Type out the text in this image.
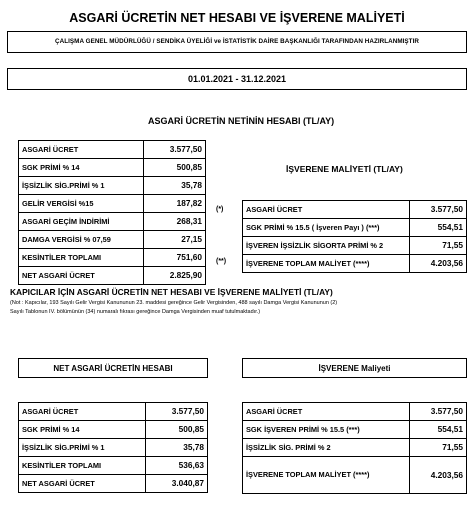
ASGARİ ÜCRETİN NET HESABI VE İŞVERENE MALİYETİ
ÇALIŞMA GENEL MÜDÜRLÜĞÜ / SENDİKA ÜYELİĞİ ve İSTATİSTİK DAİRE BAŞKANLIĞI TARAFINDAN HAZIRLANMIŞTIR
01.01.2021 - 31.12.2021
ASGARİ ÜCRETİN NETİNİN HESABI (TL/AY)
ASGARİ ÜCRET	3.577,50
SGK PRİMİ % 14	500,85
İŞSİZLİK SİG.PRİMİ % 1	35,78
GELİR VERGİSİ %15	187,82
ASGARİ GEÇİM İNDİRİMİ	268,31
DAMGA VERGİSİ % 07,59	27,15
KESİNTİLER TOPLAMI	751,60
NET ASGARİ ÜCRET	2.825,90
(*)
(**)
İŞVERENE MALİYETİ (TL/AY)
ASGARİ ÜCRET	3.577,50
SGK PRİMİ % 15.5 ( İşveren Payı ) (***)	554,51
İŞVEREN İŞSİZLİK SİGORTA PRİMİ % 2	71,55
İŞVERENE TOPLAM MALİYET (****)	4.203,56
KAPICILAR İÇİN ASGARİ ÜCRETİN NET HESABI VE İŞVERENE MALİYETİ (TL/AY)
(Not : Kapıcılar, 193 Sayılı Gelir Vergisi Kanununun 23. maddesi gereğince Gelir Vergisinden, 488 sayılı Damga Vergisi Kanununun (2)
Sayılı Tablonun IV. bölümünün (34) numaralı fıkrası gereğince Damga Vergisinden muaf tutulmaktadır.)
NET ASGARİ ÜCRETİN HESABI	İŞVERENE Maliyeti
ASGARİ ÜCRET	3.577,50
SGK PRİMİ % 14	500,85
İŞSİZLİK SİG.PRİMİ % 1	35,78
KESİNTİLER TOPLAMI	536,63
NET ASGARİ ÜCRET	3.040,87
ASGARİ ÜCRET	3.577,50
SGK İŞVEREN PRİMİ % 15.5 (***)	554,51
İŞSİZLİK SİG. PRİMİ % 2	71,55
İŞVERENE TOPLAM MALİYET (****)	4.203,56
